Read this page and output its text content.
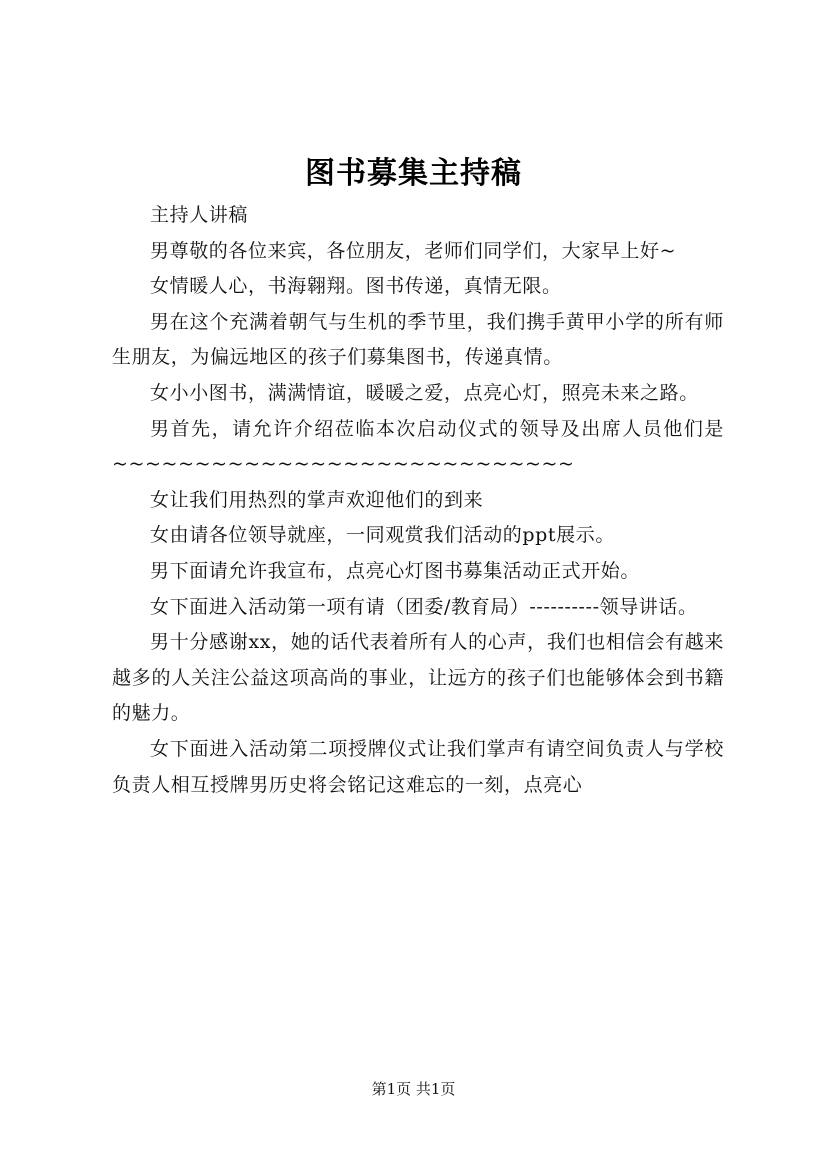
图书募集主持稿

主持人讲稿

男尊敬的各位来宾，各位朋友，老师们同学们，大家早上好~

女情暖人心，书海翱翔。图书传递，真情无限。

男在这个充满着朝气与生机的季节里，我们携手黄甲小学的所有师生朋友，为偏远地区的孩子们募集图书，传递真情。

女小小图书，满满情谊，暖暖之爱，点亮心灯，照亮未来之路。

男首先，请允许介绍莅临本次启动仪式的领导及出席人员他们是~~~~~~~~~~~~~~~~~~~~~~~~~~~~

女让我们用热烈的掌声欢迎他们的到来

女由请各位领导就座，一同观赏我们活动的ppt展示。

男下面请允许我宣布，点亮心灯图书募集活动正式开始。

女下面进入活动第一项有请（团委/教育局）----------领导讲话。

男十分感谢xx，她的话代表着所有人的心声，我们也相信会有越来越多的人关注公益这项高尚的事业，让远方的孩子们也能够体会到书籍的魅力。

女下面进入活动第二项授牌仪式让我们掌声有请空间负责人与学校负责人相互授牌男历史将会铭记这难忘的一刻，点亮心

第1页 共1页
